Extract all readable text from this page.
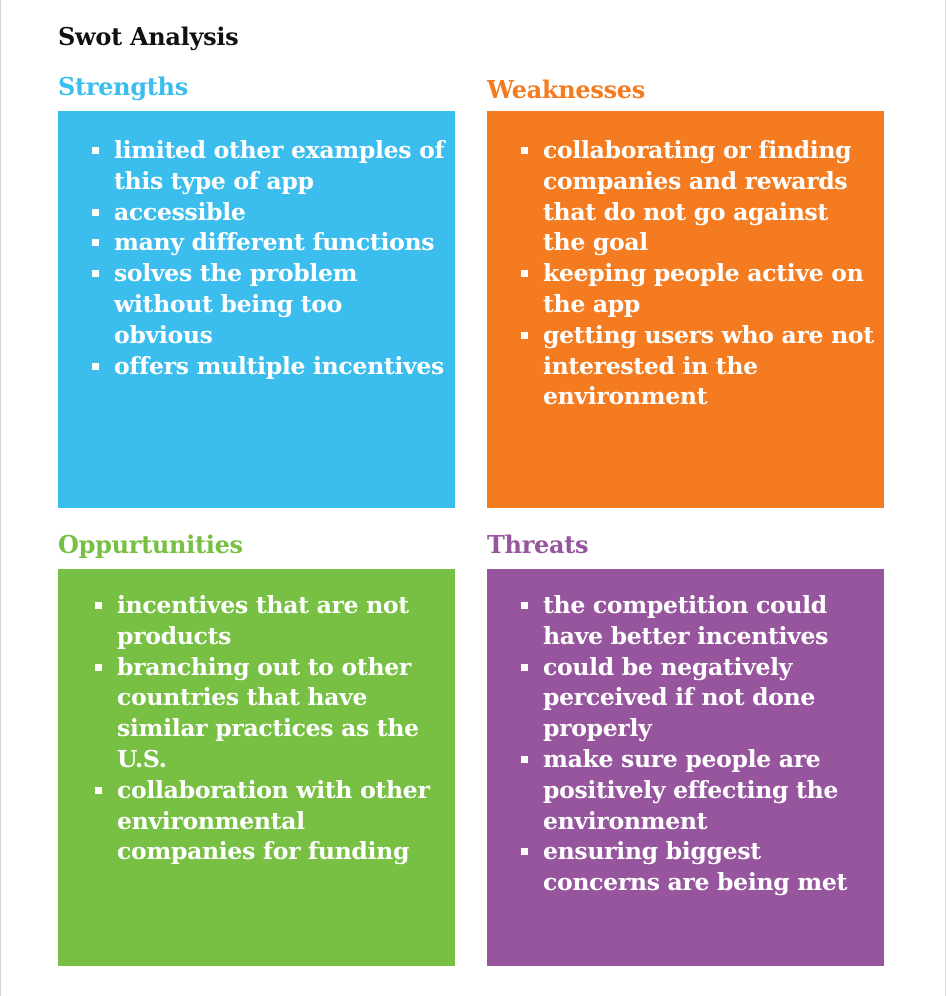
Swot Analysis
Strengths
limited other examples of this type of app
accessible
many different functions
solves the problem without being too obvious
offers multiple incentives
Weaknesses
collaborating or finding companies and rewards that do not go against the goal
keeping people active on the app
getting users who are not interested in the environment
Oppurtunities
incentives that are not products
branching out to other countries that have similar practices as the U.S.
collaboration with other environmental companies for funding
Threats
the competition could have better incentives
could be negatively perceived if not done properly
make sure people are positively effecting the environment
ensuring biggest concerns are being met
